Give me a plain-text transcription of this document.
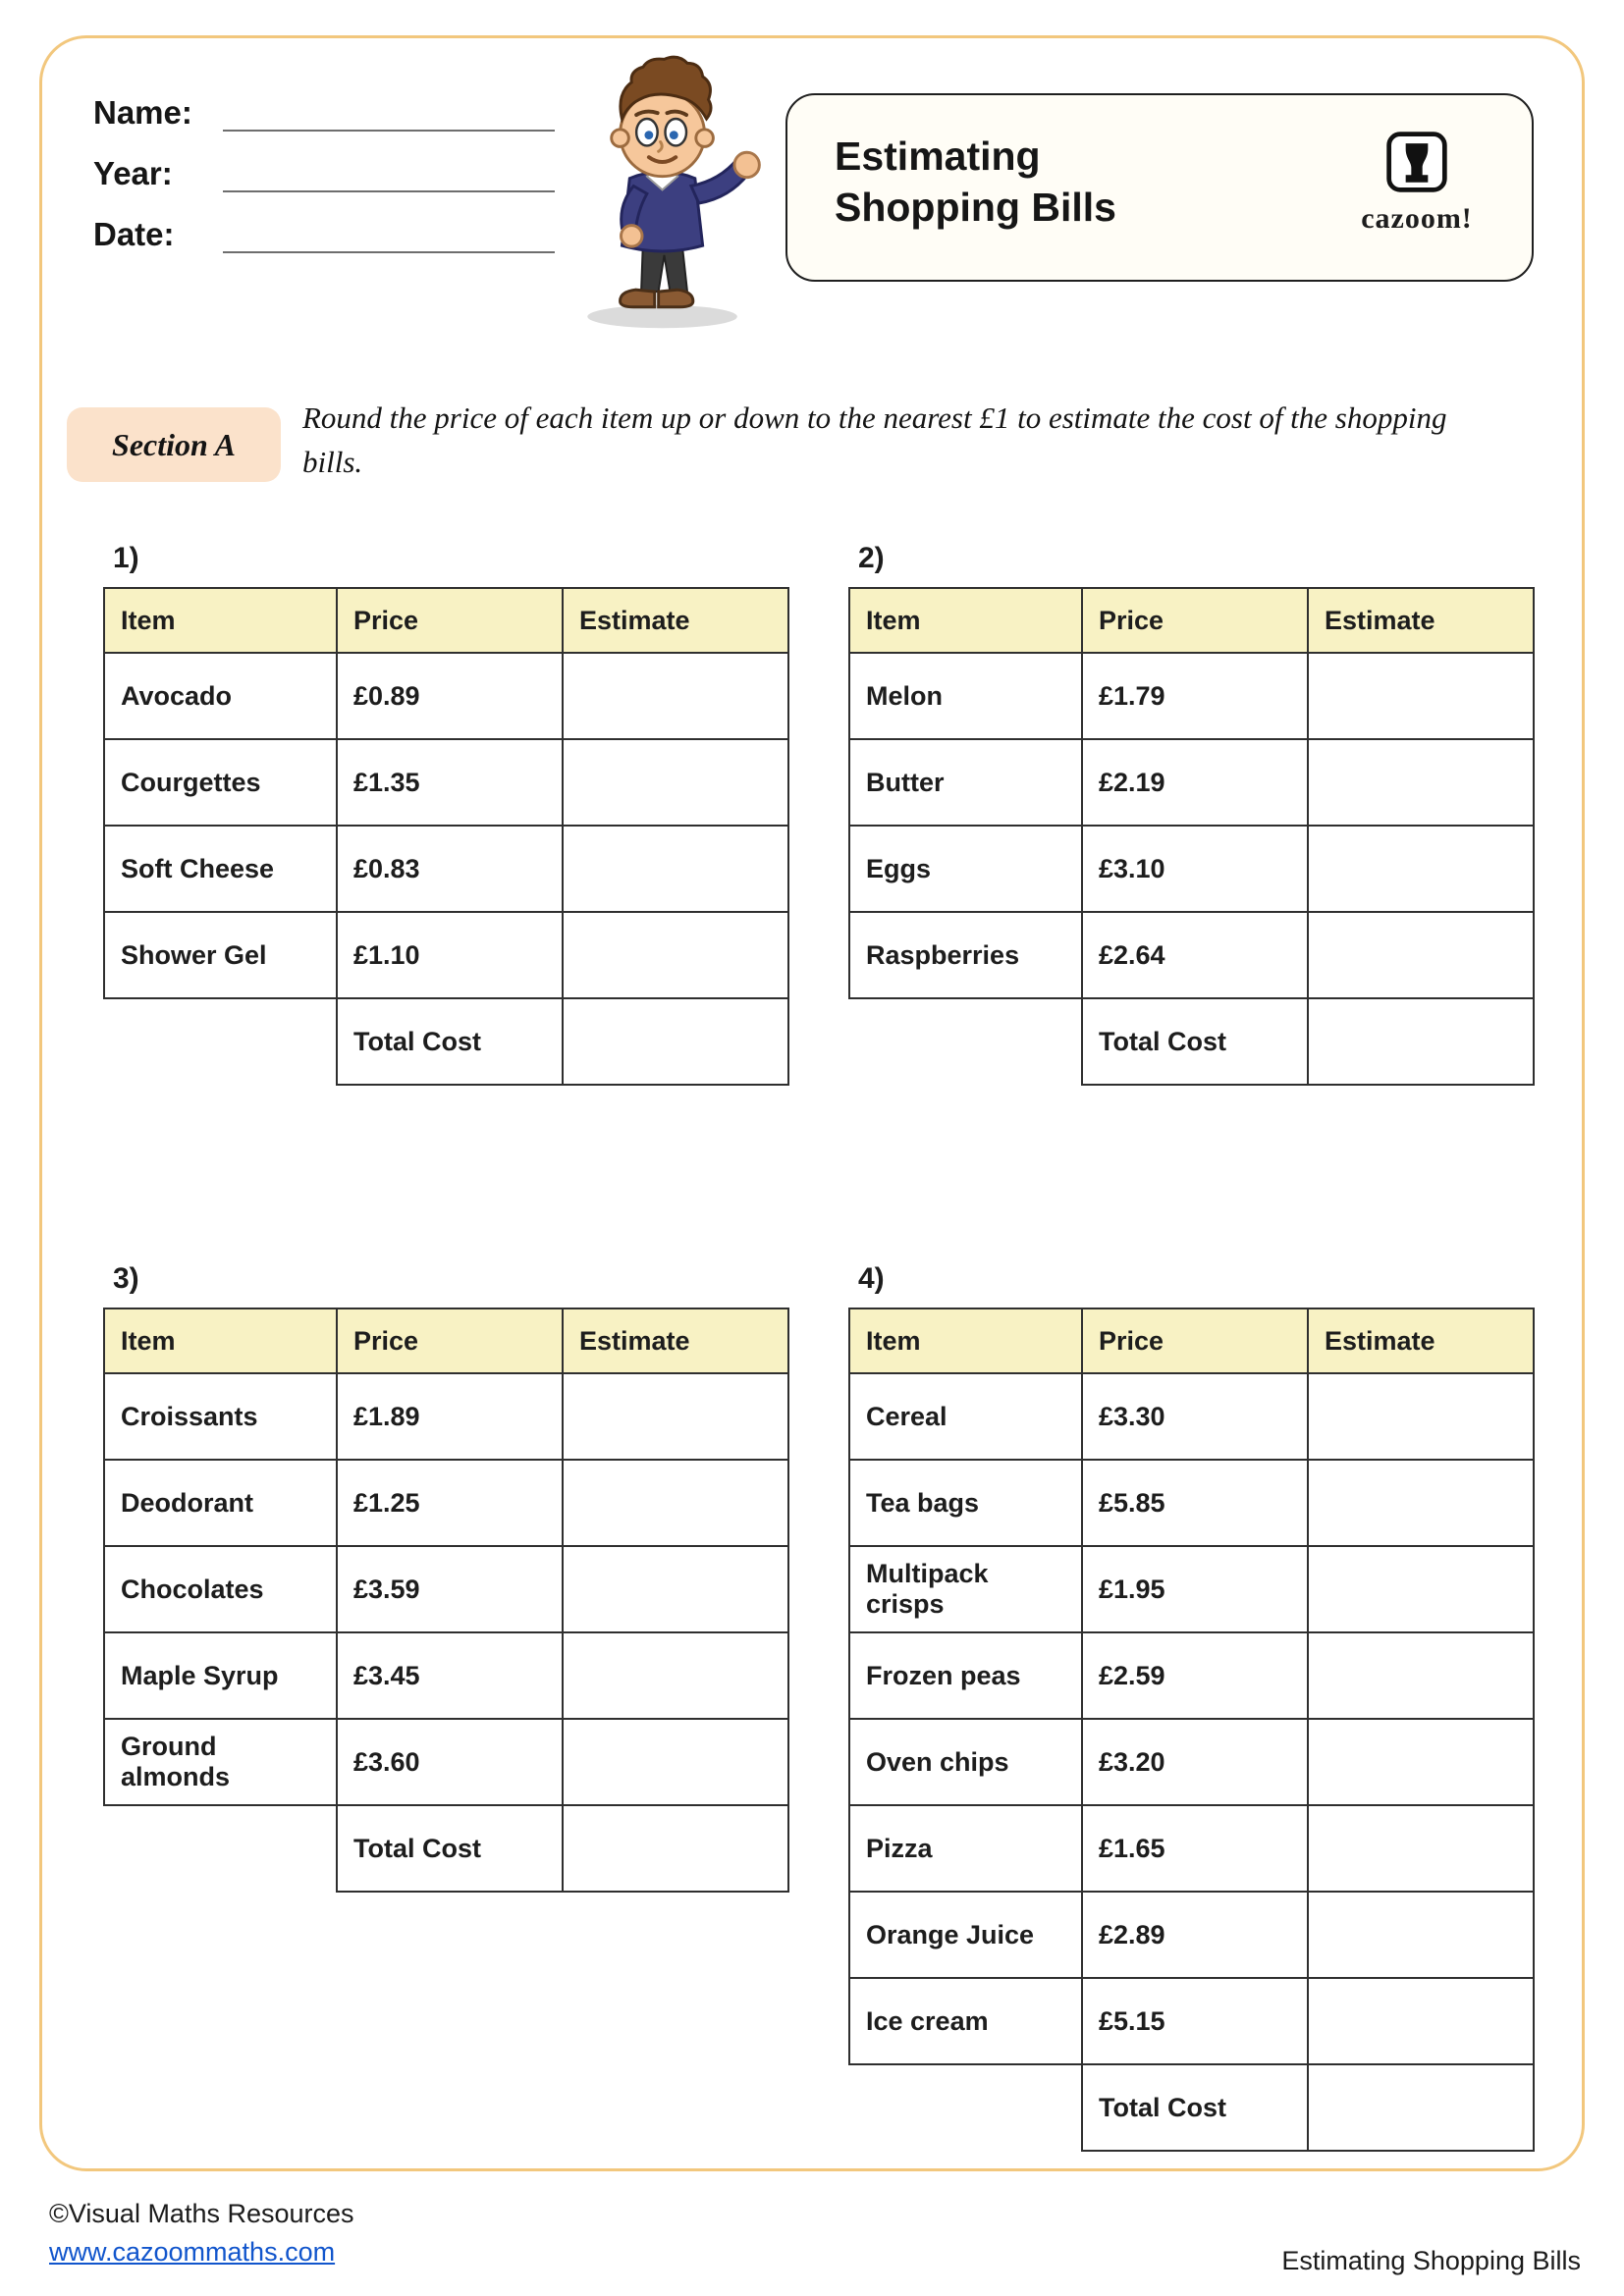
Name:
Year:
Date:
Estimating
Shopping Bills	cazoom!
Section A
Round the price of each item up or down to the nearest £1 to estimate the cost of the shopping bills.
1)
Item	Price	Estimate
Avocado	£0.89	
Courgettes	£1.35	
Soft Cheese	£0.83	
Shower Gel	£1.10	
	Total Cost	
2)
Item	Price	Estimate
Melon	£1.79	
Butter	£2.19	
Eggs	£3.10	
Raspberries	£2.64	
	Total Cost	
3)
Item	Price	Estimate
Croissants	£1.89	
Deodorant	£1.25	
Chocolates	£3.59	
Maple Syrup	£3.45	
Ground almonds	£3.60	
	Total Cost	
4)
Item	Price	Estimate
Cereal	£3.30	
Tea bags	£5.85	
Multipack crisps	£1.95	
Frozen peas	£2.59	
Oven chips	£3.20	
Pizza	£1.65	
Orange Juice	£2.89	
Ice cream	£5.15	
	Total Cost	
©Visual Maths Resources
www.cazoommaths.com	Estimating Shopping Bills
